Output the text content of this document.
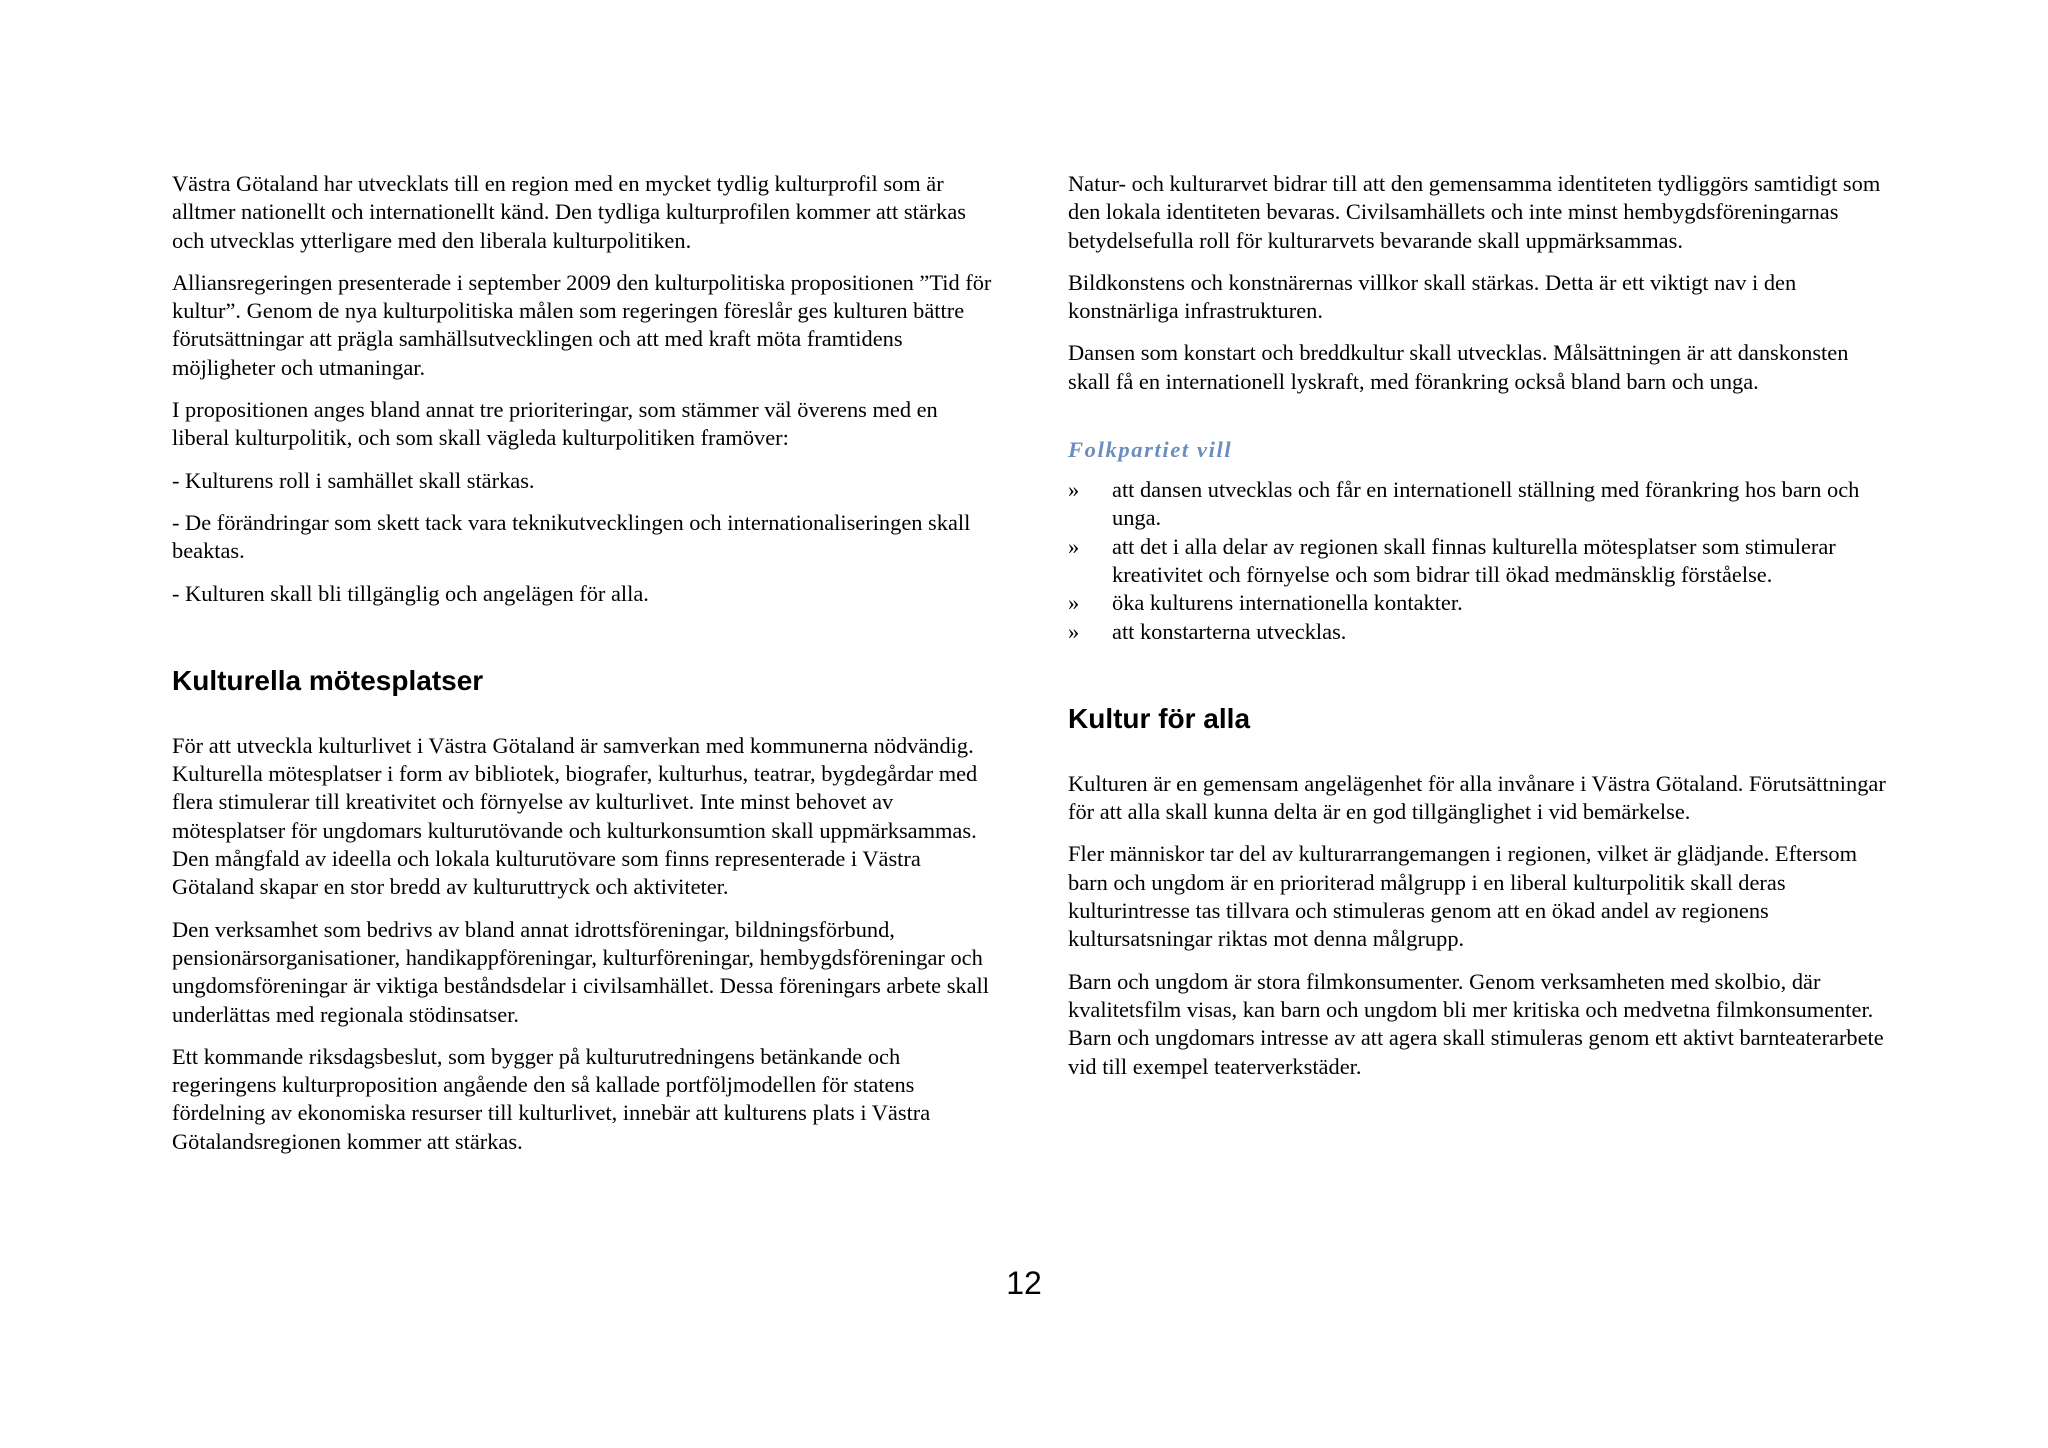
Västra Götaland har utvecklats till en region med en mycket tydlig kulturprofil som är alltmer nationellt och internationellt känd. Den tydliga kulturprofilen kommer att stärkas och utvecklas ytterligare med den liberala kulturpolitiken.

Alliansregeringen presenterade i september 2009 den kulturpolitiska propositionen ”Tid för kultur”. Genom de nya kulturpolitiska målen som regeringen föreslår ges kulturen bättre förutsättningar att prägla samhällsutvecklingen och att med kraft möta framtidens möjligheter och utmaningar.

I propositionen anges bland annat tre prioriteringar, som stämmer väl överens med en liberal kulturpolitik, och som skall vägleda kulturpolitiken framöver:

- Kulturens roll i samhället skall stärkas.

- De förändringar som skett tack vara teknikutvecklingen och internationaliseringen skall beaktas.

- Kulturen skall bli tillgänglig och angelägen för alla.

Kulturella mötesplatser

För att utveckla kulturlivet i Västra Götaland är samverkan med kommunerna nödvändig. Kulturella mötesplatser i form av bibliotek, biografer, kulturhus, teatrar, bygdegårdar med flera stimulerar till kreativitet och förnyelse av kulturlivet. Inte minst behovet av mötesplatser för ungdomars kulturutövande och kulturkonsumtion skall uppmärksammas. Den mångfald av ideella och lokala kulturutövare som finns representerade i Västra Götaland skapar en stor bredd av kulturuttryck och aktiviteter.

Den verksamhet som bedrivs av bland annat idrottsföreningar, bildningsförbund, pensionärsorganisationer, handikappföreningar, kulturföreningar, hembygdsföreningar och ungdomsföreningar är viktiga beståndsdelar i civilsamhället. Dessa föreningars arbete skall underlättas med regionala stödinsatser.

Ett kommande riksdagsbeslut, som bygger på kulturutredningens betänkande och regeringens kulturproposition angående den så kallade portföljmodellen för statens fördelning av ekonomiska resurser till kulturlivet, innebär att kulturens plats i Västra Götalandsregionen kommer att stärkas.

Natur- och kulturarvet bidrar till att den gemensamma identiteten tydliggörs samtidigt som den lokala identiteten bevaras. Civilsamhällets och inte minst hembygdsföreningarnas betydelsefulla roll för kulturarvets bevarande skall uppmärksammas.

Bildkonstens och konstnärernas villkor skall stärkas. Detta är ett viktigt nav i den konstnärliga infrastrukturen.

Dansen som konstart och breddkultur skall utvecklas. Målsättningen är att danskonsten skall få en internationell lyskraft, med förankring också bland barn och unga.

Folkpartiet vill
» att dansen utvecklas och får en internationell ställning med förankring hos barn och unga.
» att det i alla delar av regionen skall finnas kulturella mötesplatser som stimulerar kreativitet och förnyelse och som bidrar till ökad medmänsklig förståelse.
» öka kulturens internationella kontakter.
» att konstarterna utvecklas.
Kultur för alla

Kulturen är en gemensam angelägenhet för alla invånare i Västra Götaland. Förutsättningar för att alla skall kunna delta är en god tillgänglighet i vid bemärkelse.

Fler människor tar del av kulturarrangemangen i regionen, vilket är glädjande. Eftersom barn och ungdom är en prioriterad målgrupp i en liberal kulturpolitik skall deras kulturintresse tas tillvara och stimuleras genom att en ökad andel av regionens kultursatsningar riktas mot denna målgrupp.

Barn och ungdom är stora filmkonsumenter. Genom verksamheten med skolbio, där kvalitetsfilm visas, kan barn och ungdom bli mer kritiska och medvetna filmkonsumenter. Barn och ungdomars intresse av att agera skall stimuleras genom ett aktivt barnteaterarbete vid till exempel teaterverkstäder.

12
